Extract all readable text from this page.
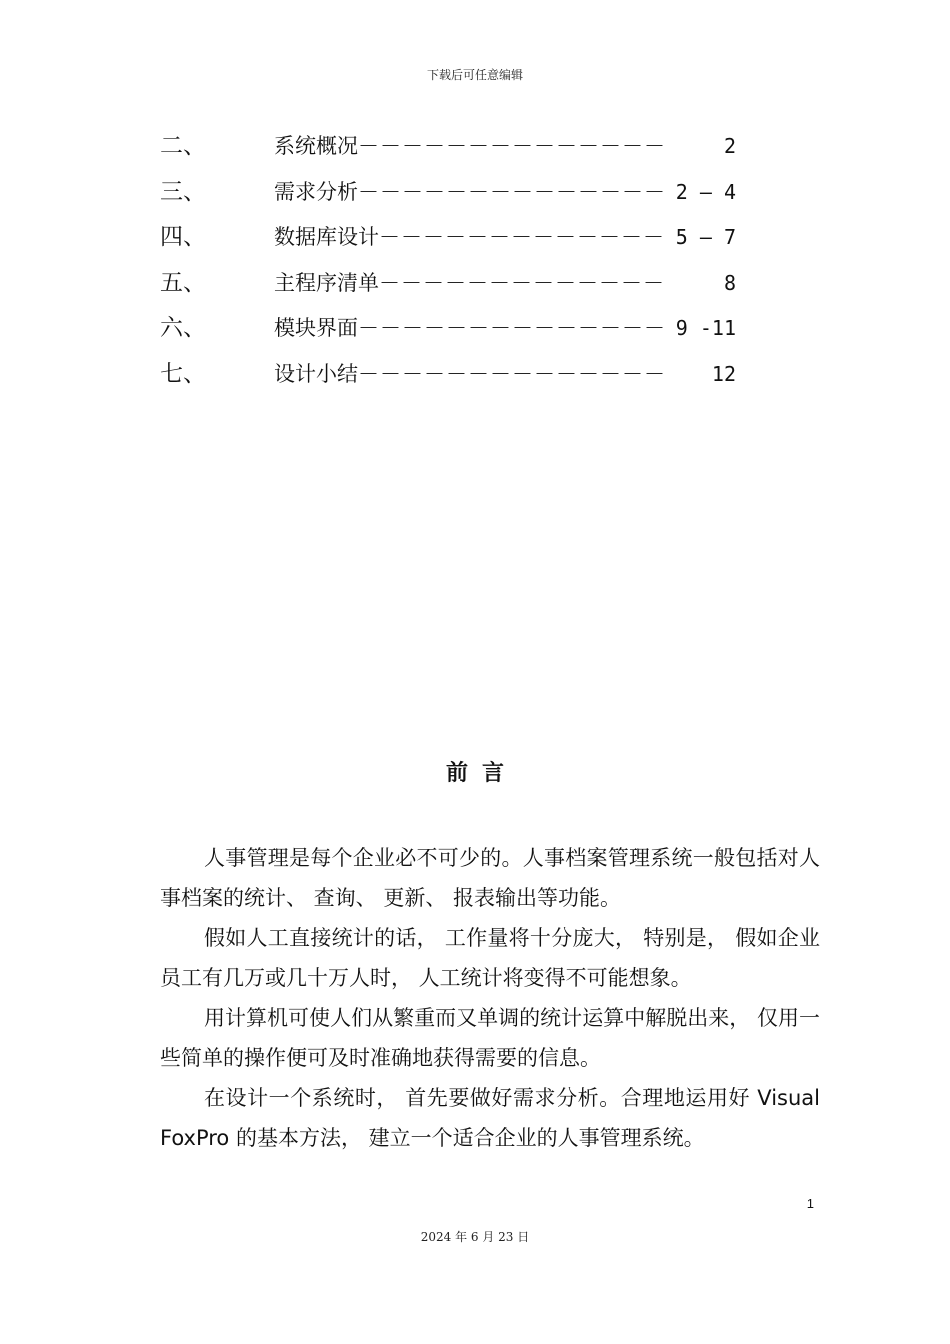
下载后可任意编辑
二、	系统概况－－－－－－－－－－－－－－	2
三、	需求分析－－－－－－－－－－－－－－ 2 – 4
四、	数据库设计－－－－－－－－－－－－－ 5 – 7
五、	主程序清单－－－－－－－－－－－－－	8
六、	模块界面－－－－－－－－－－－－－－ 9 -11
七、	设计小结－－－－－－－－－－－－－－ 12
前言

人事管理是每个企业必不可少的。人事档案管理系统一般包括对人事档案的统计、 查询、 更新、 报表输出等功能。

假如人工直接统计的话， 工作量将十分庞大， 特别是， 假如企业员工有几万或几十万人时， 人工统计将变得不可能想象。

用计算机可使人们从繁重而又单调的统计运算中解脱出来， 仅用一些简单的操作便可及时准确地获得需要的信息。

在设计一个系统时， 首先要做好需求分析。合理地运用好 Visual FoxPro 的基本方法， 建立一个适合企业的人事管理系统。

1
2024 年 6 月 23 日
